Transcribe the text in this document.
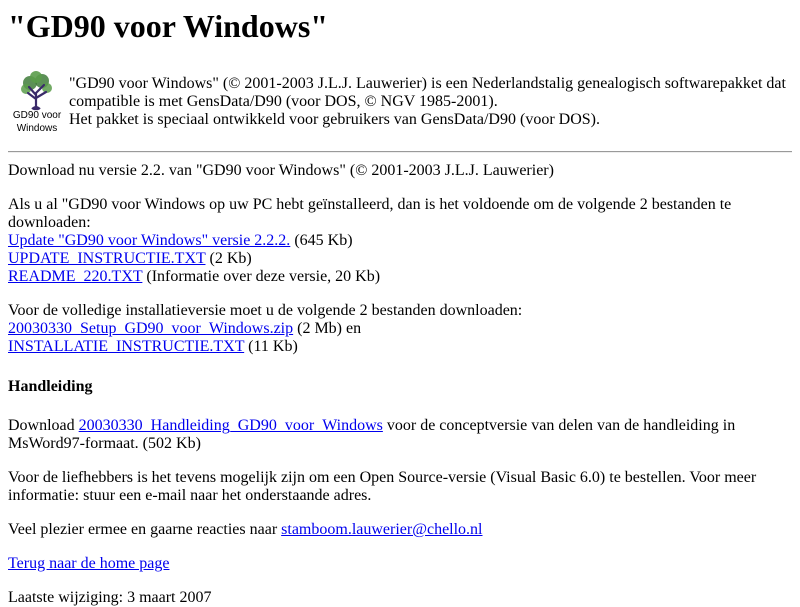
"GD90 voor Windows"
GD90 voor
Windows
"GD90 voor Windows" (© 2001-2003 J.L.J. Lauwerier) is een Nederlandstalig genealogisch softwarepakket dat
compatible is met GensData/D90 (voor DOS, © NGV 1985-2001).
Het pakket is speciaal ontwikkeld voor gebruikers van GensData/D90 (voor DOS).

Download nu versie 2.2. van "GD90 voor Windows" (© 2001-2003 J.L.J. Lauwerier)

Als u al "GD90 voor Windows op uw PC hebt geïnstalleerd, dan is het voldoende om de volgende 2 bestanden te downloaden:
Update "GD90 voor Windows" versie 2.2.2. (645 Kb)
UPDATE_INSTRUCTIE.TXT (2 Kb)
README_220.TXT (Informatie over deze versie, 20 Kb)
Voor de volledige installatieversie moet u de volgende 2 bestanden downloaden:
20030330_Setup_GD90_voor_Windows.zip (2 Mb) en
INSTALLATIE_INSTRUCTIE.TXT (11 Kb)
Handleiding

Download 20030330_Handleiding_GD90_voor_Windows voor de conceptversie van delen van de handleiding in MsWord97-formaat. (502 Kb)

Voor de liefhebbers is het tevens mogelijk zijn om een Open Source-versie (Visual Basic 6.0) te bestellen. Voor meer informatie: stuur een e-mail naar het onderstaande adres.

Veel plezier ermee en gaarne reacties naar stamboom.lauwerier@chello.nl

Terug naar de home page

Laatste wijziging: 3 maart 2007
